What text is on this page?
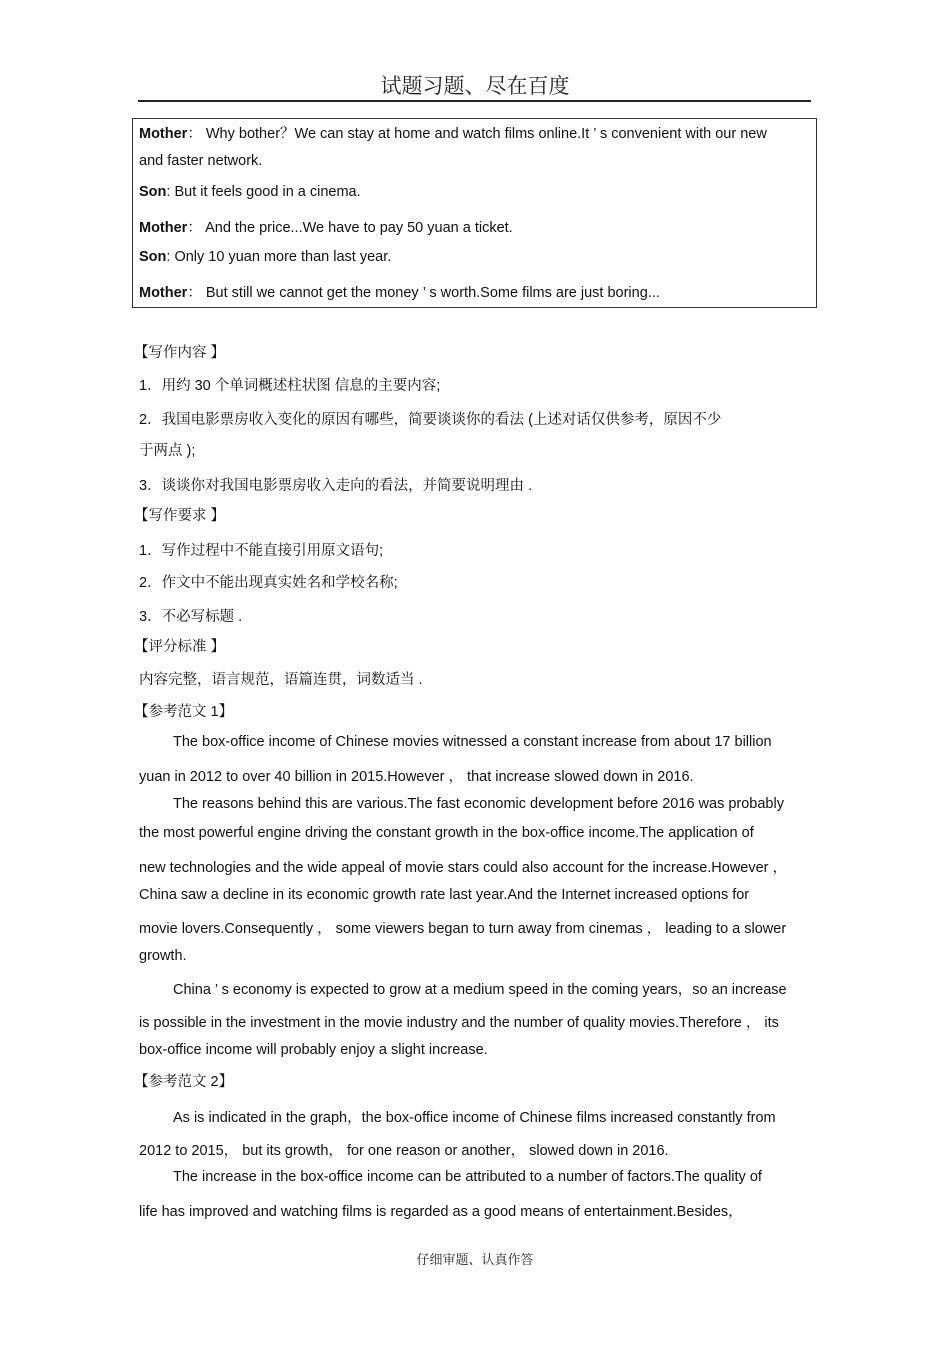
试题习题、尽在百度
Mother： Why bother？We can stay at home and watch films online.It ’ s convenient with our new
and faster network.
Son: But it feels good in a cinema.
Mother： And the price...We have to pay 50 yuan a ticket.
Son: Only 10 yuan more than last year.
Mother： But still we cannot get the money ’ s worth.Some films are just boring...
【写作内容 】
1．用约 30 个单词概述柱状图 信息的主要内容;
2．我国电影票房收入变化的原因有哪些，简要谈谈你的看法 (上述对话仅供参考，原因不少
于两点 );
3．谈谈你对我国电影票房收入走向的看法，并简要说明理由 .
【写作要求 】
1．写作过程中不能直接引用原文语句;
2．作文中不能出现真实姓名和学校名称;
3．不必写标题 .
【评分标准 】
内容完整，语言规范，语篇连贯，词数适当 .
【参考范文 1】
The box-office income of Chinese movies witnessed a constant increase from about 17 billion
yuan in 2012 to over 40 billion in 2015.However ， that increase slowed down in 2016.
The reasons behind this are various.The fast economic development before 2016 was probably
the most powerful engine driving the constant growth in the box-office income.The application of
new technologies and the wide appeal of movie stars could also account for the increase.However ，
China saw a decline in its economic growth rate last year.And the Internet increased options for
movie lovers.Consequently ， some viewers began to turn away from cinemas ， leading to a slower
growth.
China ’ s economy is expected to grow at a medium speed in the coming years，so an increase
is possible in the investment in the movie industry and the number of quality movies.Therefore ， its
box-office income will probably enjoy a slight increase.
【参考范文 2】
As is indicated in the graph，the box-office income of Chinese films increased constantly from
2012 to 2015， but its growth， for one reason or another， slowed down in 2016.
The increase in the box-office income can be attributed to a number of factors.The quality of
life has improved and watching films is regarded as a good means of entertainment.Besides，
仔细审题、认真作答
